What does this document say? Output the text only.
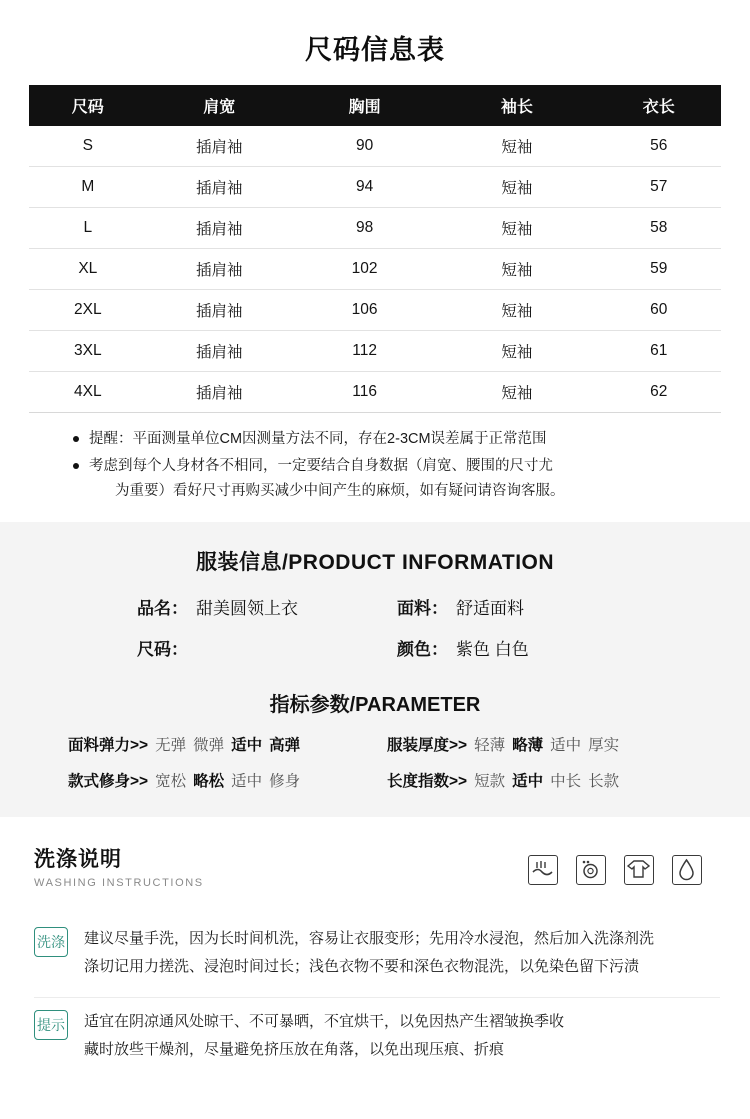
尺码信息表
尺码	肩宽	胸围	袖长	衣长
S	插肩袖	90	短袖	56
M	插肩袖	94	短袖	57
L	插肩袖	98	短袖	58
XL	插肩袖	102	短袖	59
2XL	插肩袖	106	短袖	60
3XL	插肩袖	112	短袖	61
4XL	插肩袖	116	短袖	62
提醒：平面测量单位CM因测量方法不同，存在2-3CM误差属于正常范围
考虑到每个人身材各不相同，一定要结合自身数据（肩宽、腰围的尺寸尤
为重要）看好尺寸再购买减少中间产生的麻烦，如有疑问请咨询客服。
服装信息/PRODUCT INFORMATION
品名： 甜美圆领上衣	面料： 舒适面料
尺码：	颜色： 紫色 白色
指标参数/PARAMETER
面料弹力>> 无弹 微弹 适中 高弹	服装厚度>> 轻薄 略薄 适中 厚实
款式修身>> 宽松 略松 适中 修身	长度指数>> 短款 适中 中长 长款
洗涤说明
WASHING INSTRUCTIONS
洗涤 建议尽量手洗，因为长时间机洗，容易让衣服变形；先用冷水浸泡，然后加入洗涤剂洗
涤切记用力搓洗、浸泡时间过长；浅色衣物不要和深色衣物混洗，以免染色留下污渍
提示 适宜在阴凉通风处晾干、不可暴晒，不宜烘干，以免因热产生褶皱换季收
藏时放些干燥剂，尽量避免挤压放在角落，以免出现压痕、折痕
